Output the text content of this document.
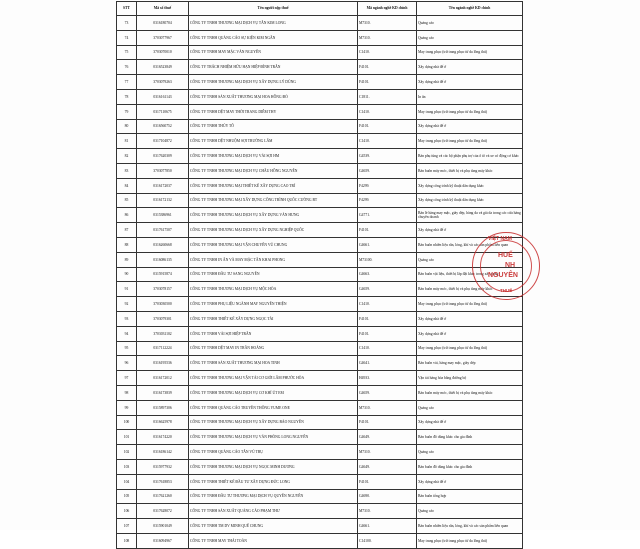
STT	Mã số thuế	Tên người nộp thuế	Mã ngành nghề KD chính	Tên ngành nghề KD chính
73	0316180704	CÔNG TY TNHH THƯƠNG MẠI DỊCH VỤ TÂN KIM LONG	M7310.	Quảng cáo
74	3703077967	CÔNG TY TNHH QUẢNG CÁO SỰ KIỆN KIM NGÂN	M7310.	Quảng cáo
75	3703070010	CÔNG TY TNHH MAY MẶC VĂN NGUYÊN	C1410.	May trang phục (trừ trang phục từ da lông thú)
76	0316523849	CÔNG TY TRÁCH NHIỆM HỮU HẠN HIỆP ĐÌNH TRÂN	F4101.	Xây dựng nhà để ở
77	3703079263	CÔNG TY TNHH THƯƠNG MẠI DỊCH VỤ XÂY DỰNG LÝ DŨNG	F4101.	Xây dựng nhà để ở
78	0316161143	CÔNG TY TNHH SẢN XUẤT THƯƠNG MẠI HOA HỒNG ĐỎ	C1811.	In ấn
79	0317110675	CÔNG TY TNHH DỆT MAY THỜI TRANG DIỄM THY	C1410.	May trang phục (trừ trang phục từ da lông thú)
80	0316560752	CÔNG TY TNHH THÚY TÔ	F4101.	Xây dựng nhà để ở
81	0317104872	CÔNG TY TNHH DỆT NHUỘM SỢI TRƯỜNG LÂM	C1410.	May trang phục (trừ trang phục từ da lông thú)
82	0317620309	CÔNG TY TNHH THƯƠNG MẠI DỊCH VỤ VẢI SỢI HM	G4539.	Bán phụ tùng và các bộ phận phụ trợ của ô tô và xe có động cơ khác
83	3703077850	CÔNG TY TNHH THƯƠNG MẠI DỊCH VỤ CHÂU HỒNG NGUYÊN	G4659.	Bán buôn máy móc, thiết bị và phụ tùng máy khác
84	0316172037	CÔNG TY TNHH THƯƠNG MẠI THIẾT KẾ XÂY DỰNG CAO TRÍ	F4299.	Xây dựng công trình kỹ thuật dân dụng khác
85	0316172132	CÔNG TY TNHH THƯƠNG MẠI XÂY DỰNG CÔNG TRÌNH QUỐC CƯỜNG BT	F4299.	Xây dựng công trình kỹ thuật dân dụng khác
86	0315386961	CÔNG TY TNHH THƯƠNG MẠI DỊCH VỤ XÂY DỰNG VĂN HƯNG	G4771.	Bán lẻ hàng may mặc, giày dép, hàng da và giả da trong các cửa hàng chuyên doanh
87	0317617507	CÔNG TY TNHH THƯƠNG MẠI DỊCH VỤ XÂY DỰNG NGHIỆP QUỐC	F4101.	Xây dựng nhà để ở
88	0316260668	CÔNG TY TNHH THƯƠNG MẠI VẬN CHUYỂN VŨ CHUNG	G4661.	Bán buôn nhiên liệu rắn, lỏng, khí và các sản phẩm liên quan
89	0316086135	CÔNG TY TNHH IN ẤN VÀ MAY MẶC TÂN KHAI PHONG	M73100.	Quảng cáo
90	0315915874	CÔNG TY TNHH ĐẦU TƯ SANG NGUYÊN	G4663.	Bán buôn vật liệu, thiết bị lắp đặt khác trong xây dựng
91	3703078157	CÔNG TY TNHH THƯƠNG MẠI DỊCH VỤ MỘC HÒA	G4659.	Bán buôn máy móc, thiết bị và phụ tùng máy khác
92	3703030500	CÔNG TY TNHH PHỤ LIỆU NGÀNH MAY NGUYÊN THIỆN	C1410.	May trang phục (trừ trang phục từ da lông thú)
93	3703079301	CÔNG TY TNHH THIẾT KẾ XÂY DỰNG NGỌC TÀI	F4101.	Xây dựng nhà để ở
94	3703031102	CÔNG TY TNHH VẢI SỢI HIỆP TRÂN	F4101.	Xây dựng nhà để ở
95	0317112224	CÔNG TY TNHH DỆT MAY IN TRẦN HOÀNG	C1410.	May trang phục (trừ trang phục từ da lông thú)
96	0316195536	CÔNG TY TNHH SẢN XUẤT THƯƠNG MẠI HOA TINH	G4641.	Bán buôn vải, hàng may mặc, giày dép
97	0316172012	CÔNG TY TNHH THƯƠNG MẠI VẬN TẢI CƠ GIỚI LÂM PHƯỚC HÒA	H4933.	Vận tải hàng hóa bằng đường bộ
98	0316173839	CÔNG TY TNHH THƯƠNG MẠI DỊCH VỤ CƠ KHÍ ÚT EM	G4659.	Bán buôn máy móc, thiết bị và phụ tùng máy khác
99	0315897306	CÔNG TY TNHH QUẢNG CÁO TRUYỀN THÔNG YUME ONE	M7310.	Quảng cáo
100	0316625978	CÔNG TY TNHH THƯƠNG MẠI DỊCH VỤ XÂY DỰNG BẢO NGUYÊN	F4101.	Xây dựng nhà để ở
101	0316174220	CÔNG TY TNHH THƯƠNG MẠI DỊCH VỤ VĂN PHÒNG LONG NGUYÊN	G4649.	Bán buôn đồ dùng khác cho gia đình
102	0316186142	CÔNG TY TNHH QUẢNG CÁO TÂN VŨ TRỤ	M7310.	Quảng cáo
103	0315977932	CÔNG TY TNHH THƯƠNG MẠI DỊCH VỤ NGỌC MINH DƯƠNG	G4649.	Bán buôn đồ dùng khác cho gia đình
104	0317618853	CÔNG TY TNHH THIẾT KẾ ĐẦU TƯ XÂY DỰNG ĐỨC LONG	F4101.	Xây dựng nhà để ở
105	0317621260	CÔNG TY TNHH ĐẦU TƯ THƯƠNG MẠI DỊCH VỤ QUYÊN NGUYÊN	G4690.	Bán buôn tổng hợp
106	0317628072	CÔNG TY TNHH SẢN XUẤT QUẢNG CÁO PHẠM THƯ	M7310.	Quảng cáo
107	0315901049	CÔNG TY TNHH TM DV MINH QUẾ CHUNG	G4661.	Bán buôn nhiên liệu rắn, lỏng, khí và các sản phẩm liên quan
108	0316094967	CÔNG TY TNHH MAY THÁI TOÀN	C14100.	May trang phục (trừ trang phục từ da lông thú)
VIỆT NAM
HUẾ
NH
NGUYÊN
THUẾ
